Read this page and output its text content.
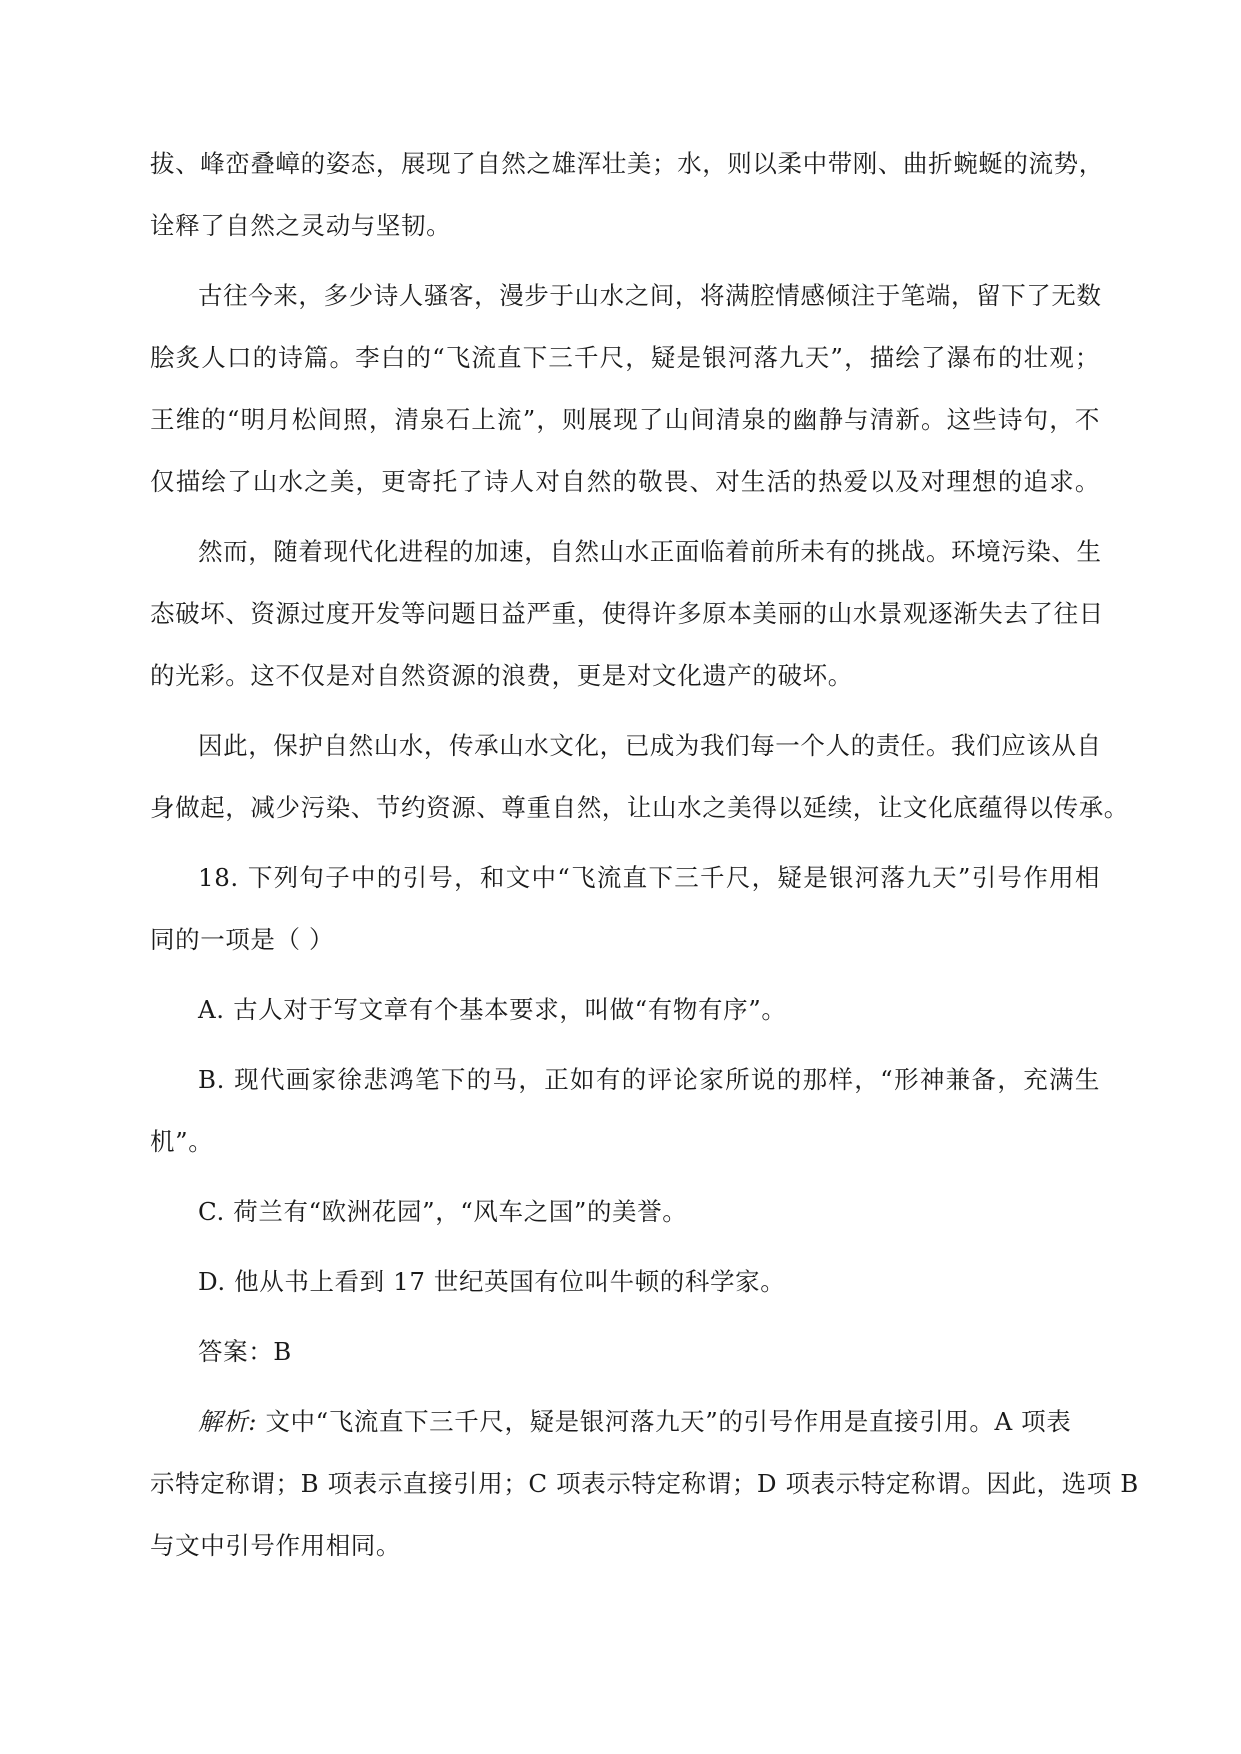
拔、峰峦叠嶂的姿态，展现了自然之雄浑壮美；水，则以柔中带刚、曲折蜿蜒的流势，
诠释了自然之灵动与坚韧。
古往今来，多少诗人骚客，漫步于山水之间，将满腔情感倾注于笔端，留下了无数
脍炙人口的诗篇。李白的“飞流直下三千尺，疑是银河落九天”，描绘了瀑布的壮观；
王维的“明月松间照，清泉石上流”，则展现了山间清泉的幽静与清新。这些诗句，不
仅描绘了山水之美，更寄托了诗人对自然的敬畏、对生活的热爱以及对理想的追求。
然而，随着现代化进程的加速，自然山水正面临着前所未有的挑战。环境污染、生
态破坏、资源过度开发等问题日益严重，使得许多原本美丽的山水景观逐渐失去了往日
的光彩。这不仅是对自然资源的浪费，更是对文化遗产的破坏。
因此，保护自然山水，传承山水文化，已成为我们每一个人的责任。我们应该从自
身做起，减少污染、节约资源、尊重自然，让山水之美得以延续，让文化底蕴得以传承。
18. 下列句子中的引号，和文中“飞流直下三千尺，疑是银河落九天”引号作用相
同的一项是（ ）
A. 古人对于写文章有个基本要求，叫做“有物有序”。
B. 现代画家徐悲鸿笔下的马，正如有的评论家所说的那样，“形神兼备，充满生
机”。
C. 荷兰有“欧洲花园”，“风车之国”的美誉。
D. 他从书上看到 17 世纪英国有位叫牛顿的科学家。
答案：B
解析: 文中“飞流直下三千尺，疑是银河落九天”的引号作用是直接引用。A 项表
示特定称谓；B 项表示直接引用；C 项表示特定称谓；D 项表示特定称谓。因此，选项 B
与文中引号作用相同。
